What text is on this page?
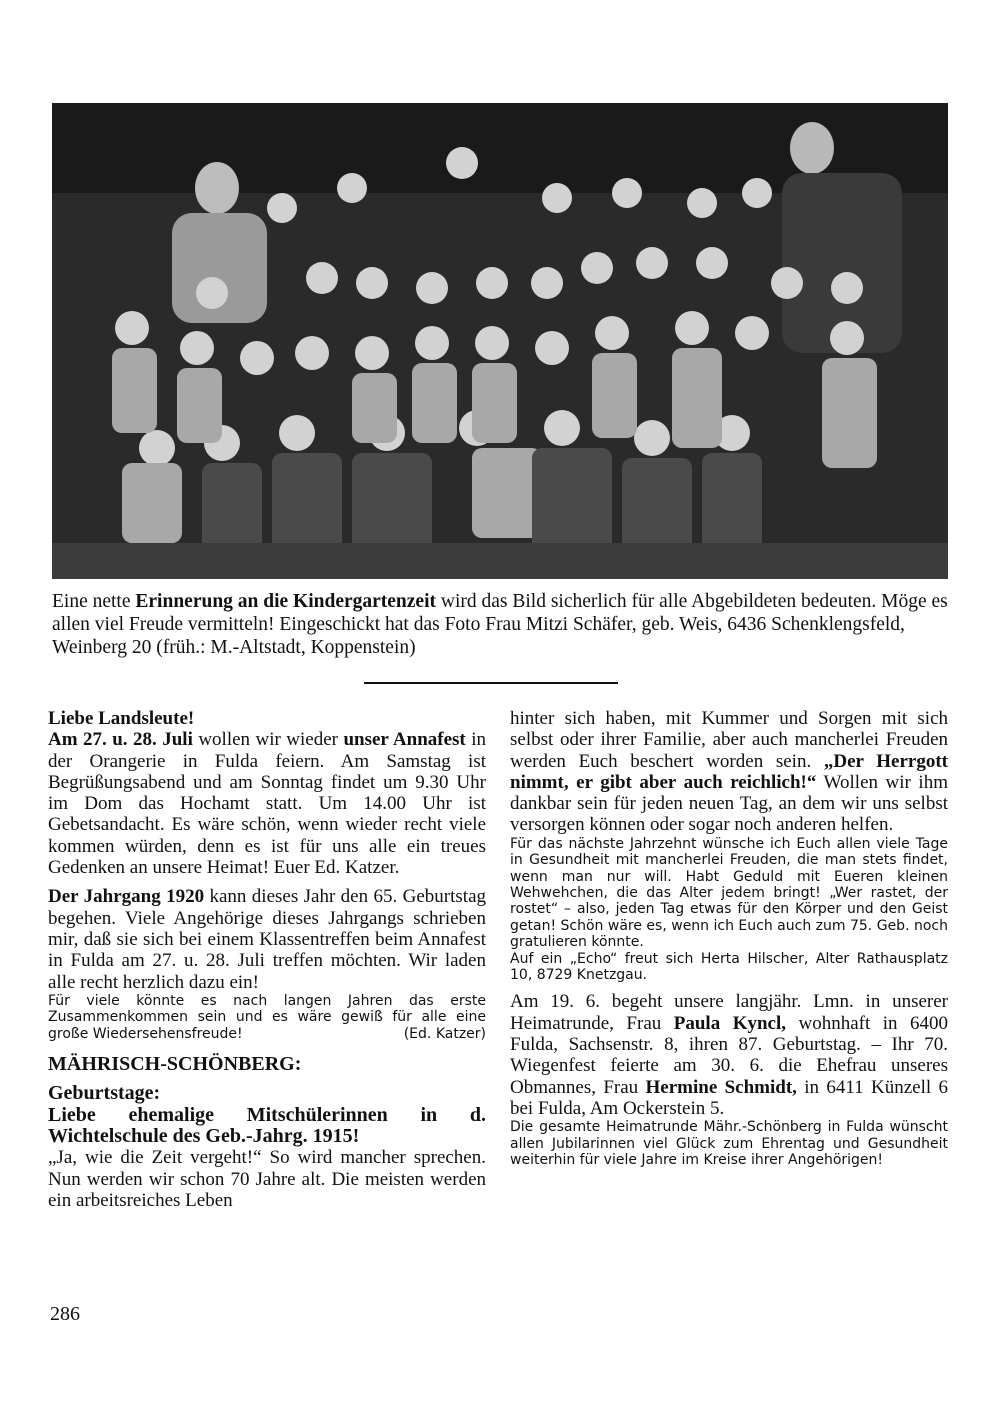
Eine nette Erinnerung an die Kindergartenzeit wird das Bild sicherlich für alle Abgebildeten bedeuten. Möge es allen viel Freude vermitteln! Eingeschickt hat das Foto Frau Mitzi Schäfer, geb. Weis, 6436 Schenklengsfeld, Weinberg 20 (früh.: M.-Altstadt, Koppenstein)

Liebe Landsleute!

Am 27. u. 28. Juli wollen wir wieder unser Annafest in der Orangerie in Fulda feiern. Am Samstag ist Begrüßungsabend und am Sonntag findet um 9.30 Uhr im Dom das Hochamt statt. Um 14.00 Uhr ist Gebetsandacht. Es wäre schön, wenn wieder recht viele kommen würden, denn es ist für uns alle ein treues Gedenken an unsere Heimat! Euer Ed. Katzer.

Der Jahrgang 1920 kann dieses Jahr den 65. Geburtstag begehen. Viele Angehörige dieses Jahrgangs schrieben mir, daß sie sich bei einem Klassentreffen beim Annafest in Fulda am 27. u. 28. Juli treffen möchten. Wir laden alle recht herzlich dazu ein!

Für viele könnte es nach langen Jahren das erste Zusammenkommen sein und es wäre gewiß für alle eine große Wiedersehensfreude!	(Ed. Katzer)

MÄHRISCH-SCHÖNBERG:

Geburtstage:

Liebe ehemalige Mitschülerinnen in d. Wichtelschule des Geb.-Jahrg. 1915!

„Ja, wie die Zeit vergeht!“ So wird mancher sprechen. Nun werden wir schon 70 Jahre alt. Die meisten werden ein arbeitsreiches Leben

hinter sich haben, mit Kummer und Sorgen mit sich selbst oder ihrer Familie, aber auch mancherlei Freuden werden Euch beschert worden sein. „Der Herrgott nimmt, er gibt aber auch reichlich!“ Wollen wir ihm dankbar sein für jeden neuen Tag, an dem wir uns selbst versorgen können oder sogar noch anderen helfen.

Für das nächste Jahrzehnt wünsche ich Euch allen viele Tage in Gesundheit mit mancherlei Freuden, die man stets findet, wenn man nur will. Habt Geduld mit Eueren kleinen Wehwehchen, die das Alter jedem bringt! „Wer rastet, der rostet“ – also, jeden Tag etwas für den Körper und den Geist getan! Schön wäre es, wenn ich Euch auch zum 75. Geb. noch gratulieren könnte.

Auf ein „Echo“ freut sich Herta Hilscher, Alter Rathausplatz 10, 8729 Knetzgau.

Am 19. 6. begeht unsere langjähr. Lmn. in unserer Heimatrunde, Frau Paula Kyncl, wohnhaft in 6400 Fulda, Sachsenstr. 8, ihren 87. Geburtstag. – Ihr 70. Wiegenfest feierte am 30. 6. die Ehefrau unseres Obmannes, Frau Hermine Schmidt, in 6411 Künzell 6 bei Fulda, Am Ockerstein 5.

Die gesamte Heimatrunde Mähr.-Schönberg in Fulda wünscht allen Jubilarinnen viel Glück zum Ehrentag und Gesundheit weiterhin für viele Jahre im Kreise ihrer Angehörigen!

286
